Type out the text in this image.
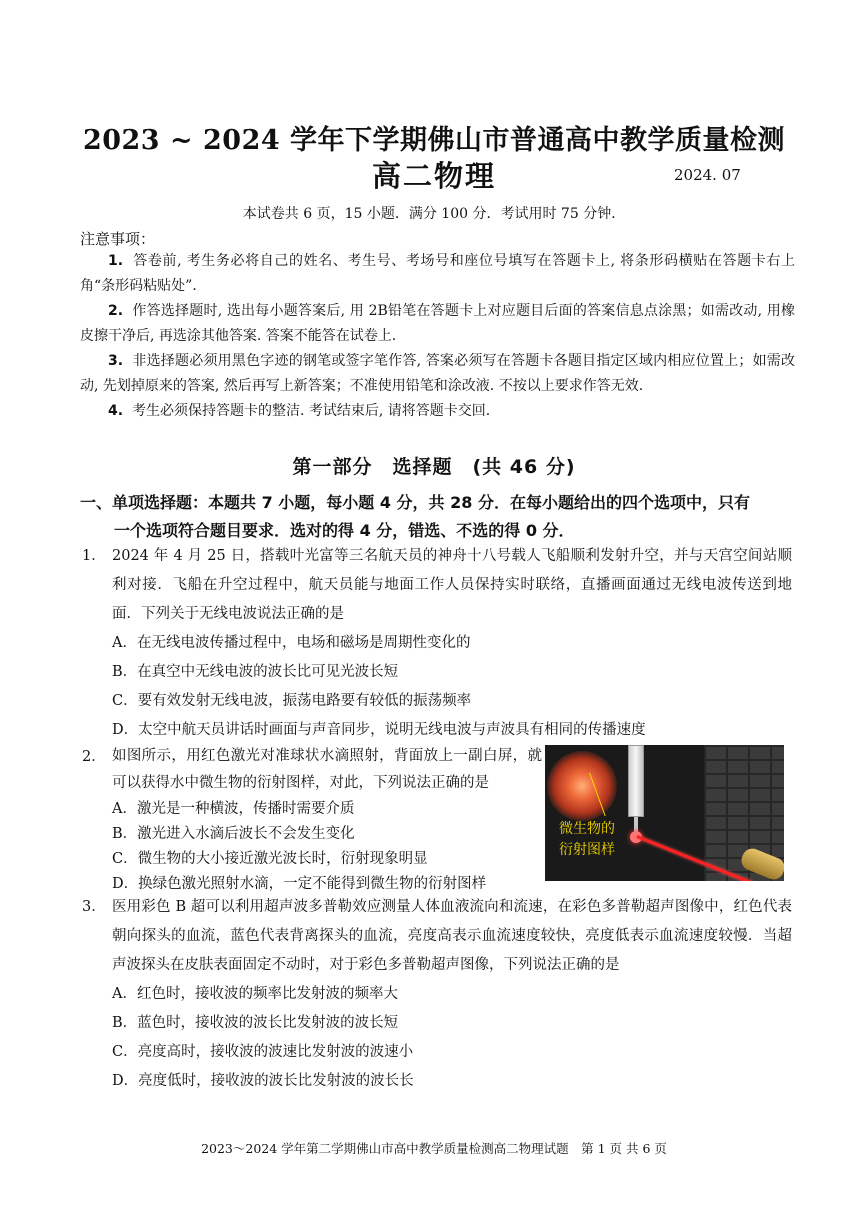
2023 ~ 2024 学年下学期佛山市普通高中教学质量检测
高二物理	2024. 07
本试卷共 6 页，15 小题．满分 100 分．考试用时 75 分钟．
注意事项：

1. 答卷前, 考生务必将自己的姓名、考生号、考场号和座位号填写在答题卡上, 将条形码横贴在答题卡右上角“条形码粘贴处”．

2. 作答选择题时, 选出每小题答案后, 用 2B铅笔在答题卡上对应题目后面的答案信息点涂黑；如需改动, 用橡皮擦干净后, 再选涂其他答案. 答案不能答在试卷上.

3. 非选择题必须用黑色字迹的钢笔或签字笔作答, 答案必须写在答题卡各题目指定区域内相应位置上；如需改动, 先划掉原来的答案, 然后再写上新答案；不准使用铅笔和涂改液. 不按以上要求作答无效.

4. 考生必须保持答题卡的整洁. 考试结束后, 请将答题卡交回.

第一部分　选择题　(共 46 分)
一、单项选择题：本题共 7 小题，每小题 4 分，共 28 分．在每小题给出的四个选项中，只有
一个选项符合题目要求．选对的得 4 分，错选、不选的得 0 分．
1． 2024 年 4 月 25 日，搭载叶光富等三名航天员的神舟十八号载人飞船顺利发射升空，并与天宫空间站顺利对接．飞船在升空过程中，航天员能与地面工作人员保持实时联络，直播画面通过无线电波传送到地面．下列关于无线电波说法正确的是
A．在无线电波传播过程中，电场和磁场是周期性变化的
B．在真空中无线电波的波长比可见光波长短
C．要有效发射无线电波，振荡电路要有较低的振荡频率
D．太空中航天员讲话时画面与声音同步，说明无线电波与声波具有相同的传播速度
2． 如图所示，用红色激光对准球状水滴照射，背面放上一副白屏，就可以获得水中微生物的衍射图样，对此，下列说法正确的是
A．激光是一种横波，传播时需要介质
B．激光进入水滴后波长不会发生变化
C．微生物的大小接近激光波长时，衍射现象明显
D．换绿色激光照射水滴，一定不能得到微生物的衍射图样
微生物的
衍射图样
3． 医用彩色 B 超可以利用超声波多普勒效应测量人体血液流向和流速，在彩色多普勒超声图像中，红色代表朝向探头的血流，蓝色代表背离探头的血流，亮度高表示血流速度较快，亮度低表示血流速度较慢．当超声波探头在皮肤表面固定不动时，对于彩色多普勒超声图像，下列说法正确的是
A．红色时，接收波的频率比发射波的频率大
B．蓝色时，接收波的波长比发射波的波长短
C．亮度高时，接收波的波速比发射波的波速小
D．亮度低时，接收波的波长比发射波的波长长
2023～2024 学年第二学期佛山市高中教学质量检测高二物理试题　第 1 页 共 6 页
